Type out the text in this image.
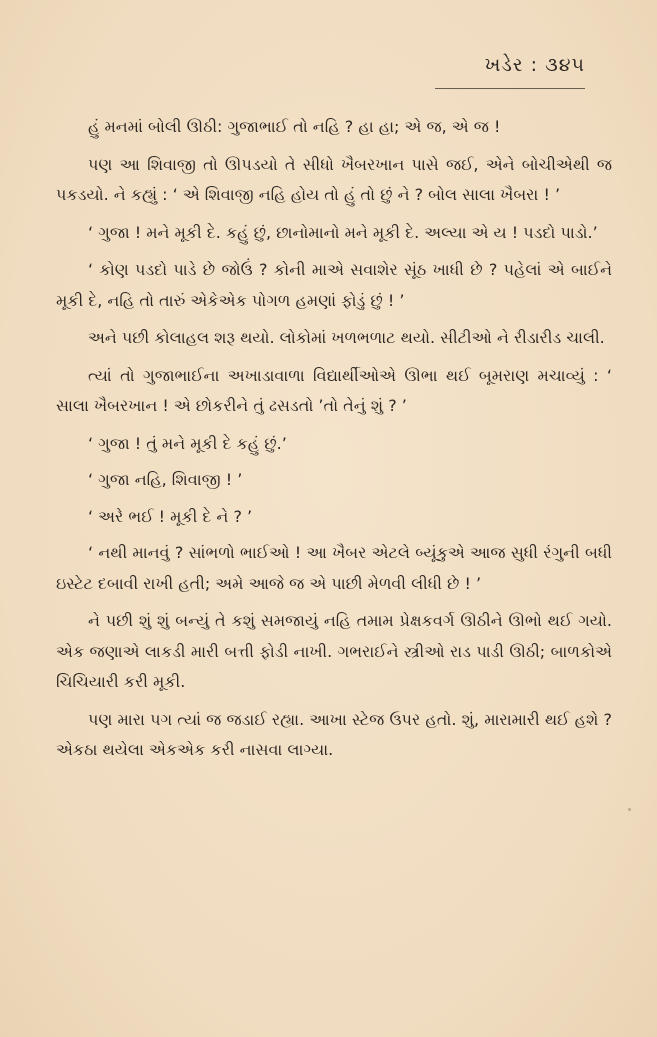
ખડેર : ૩૪૫

હું મનમાં બોલી ઊઠી: ગુજાભાઈ તો નહિ ? હા હા; એ જ, એ જ !

પણ આ શિવાજી તો ઊપડયો તે સીધો ખૈબરખાન પાસે જઈ, એને બોચીએથી જ પકડયો. ને કહ્યું : ‘ એ શિવાજી નહિ હોય તો હું તો છું ને ? બોલ સાલા ખૈબરા ! ’

‘ ગુજા ! મને મૂકી દે. કહું છું, છાનોમાનો મને મૂકી દે. અલ્યા એ ય ! પડદો પાડો.’

‘ કોણ પડદો પાડે છે જોઉં ? કોની માએ સવાશેર સૂંઠ ખાધી છે ? પહેલાં એ બાઈને મૂકી દે, નહિ તો તારું એકેએક પોગળ હમણાં ફોડું છું ! ’

અને પછી કોલાહલ શરૂ થયો. લોકોમાં ખળભળાટ થયો. સીટીઓ ને રીડારીડ ચાલી.

ત્યાં તો ગુજાભાઈના અખાડાવાળા વિદ્યાર્થીઓએ ઊભા થઈ બૂમરાણ મચાવ્યું : ‘ સાલા ખૈબરખાન ! એ છોકરીને તું ઢસડતો ’તો તેનું શું ? ’

‘ ગુજા ! તું મને મૂકી દે કહું છું.’

‘ ગુજા નહિ, શિવાજી ! ’

‘ અરે ભઈ ! મૂકી દે ને ? ’

‘ નથી માનવું ? સાંભળો ભાઈઓ ! આ ખૈબર એટલે બ્યૂંકુએ આજ સુધી રંગુની બધી ઇસ્ટેટ દબાવી રાખી હતી; અમે આજે જ એ પાછી મેળવી લીધી છે ! ’

ને પછી શું શું બન્યું તે કશું સમજાયું નહિ તમામ પ્રેક્ષકવર્ગ ઊઠીને ઊભો થઈ ગયો. એક જણાએ લાકડી મારી બત્તી ફોડી નાખી. ગભરાઈને સ્ત્રીઓ રાડ પાડી ઊઠી; બાળકોએ ચિચિયારી કરી મૂકી.

પણ મારા પગ ત્યાં જ જડાઈ રહ્યા. આખા સ્ટેજ ઉપર હતો. શું, મારામારી થઈ હશે ? એકઠા થયેલા એકએક કરી નાસવા લાગ્યા.
